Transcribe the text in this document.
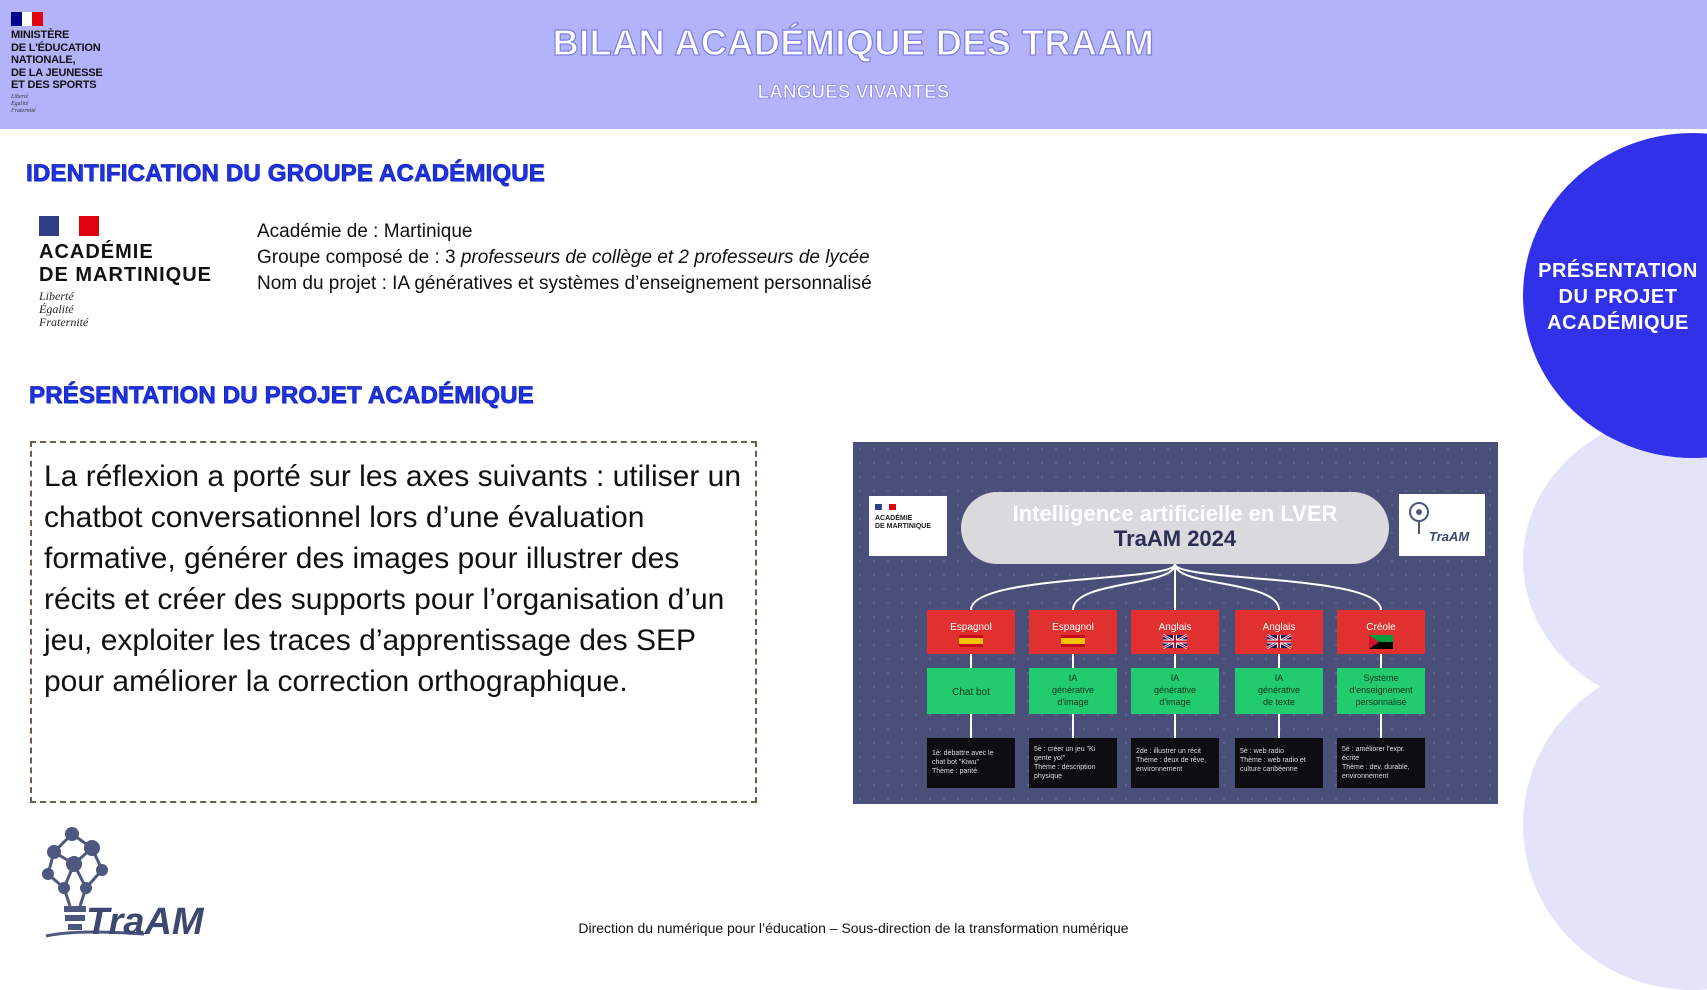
MINISTÈRE
DE L'ÉDUCATION
NATIONALE,
DE LA JEUNESSE
ET DES SPORTS
Liberté
Égalité
Fraternité
BILAN ACADÉMIQUE DES TRAAM
LANGUES VIVANTES
PRÉSENTATION
DU PROJET
ACADÉMIQUE
IDENTIFICATION DU GROUPE ACADÉMIQUE
ACADÉMIE
DE MARTINIQUE
Liberté
Égalité
Fraternité
Académie de : Martinique
Groupe composé de : 3 professeurs de collège et 2 professeurs de lycée
Nom du projet : IA génératives et systèmes d’enseignement personnalisé
PRÉSENTATION DU PROJET ACADÉMIQUE

La réflexion a porté sur les axes suivants : utiliser un chatbot conversationnel lors d’une évaluation formative, générer des images pour illustrer des récits et créer des supports pour l’organisation d’un jeu, exploiter les traces d’apprentissage des SEP pour améliorer la correction orthographique.

ACADÉMIE
DE MARTINIQUE
TraAM
Intelligence artificielle en LVER
TraAM 2024
Espagnol
Chat bot
1è: débattre avec le
chat bot "Kiwu"
Thème : parité
Espagnol
IA
générative
d'image
5è : créer un jeu "Ki
gente yo!"
Thème : description
physique
Anglais
IA
générative
d'image
2de : illustrer un récit
Thème : deux de rêve,
environnement
Anglais
IA
générative
de texte
5è : web radio
Thème : web radio et
culture caribéenne
Créole
Système
d'enseignement
personnalisé
5è : améliorer l'expr.
écrite
Thème : dev. durable,
environnement
TraAM	Direction du numérique pour l’éducation – Sous-direction de la transformation numérique
